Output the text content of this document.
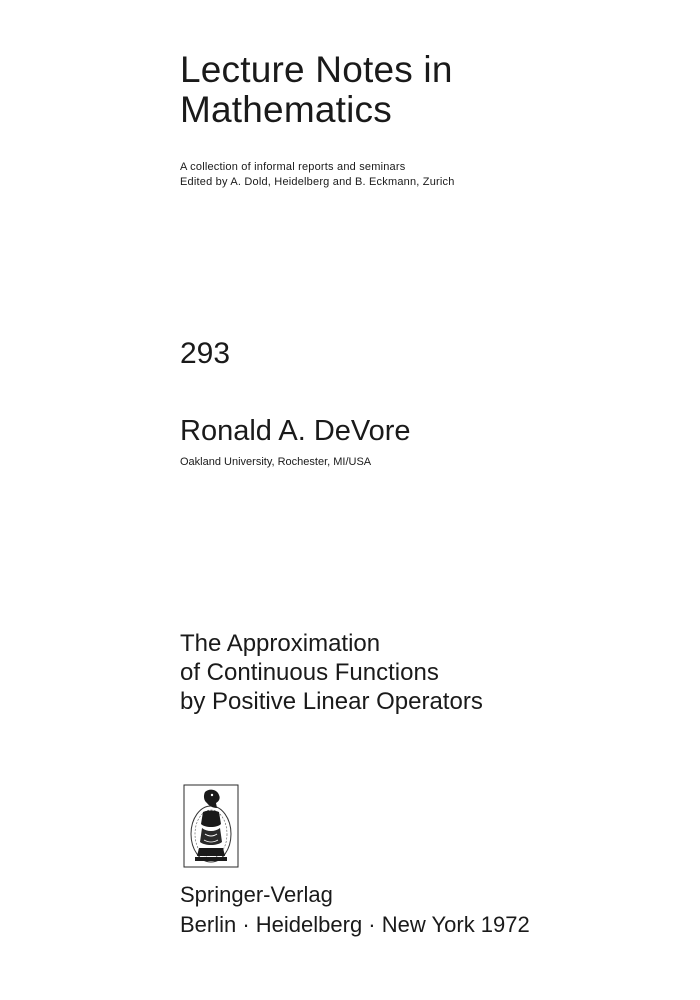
Lecture Notes in
Mathematics
A collection of informal reports and seminars
Edited by A. Dold, Heidelberg and B. Eckmann, Zurich
293
Ronald A. DeVore
Oakland University, Rochester, MI/USA
The Approximation
of Continuous Functions
by Positive Linear Operators
Springer-Verlag
Berlin · Heidelberg · New York 1972
